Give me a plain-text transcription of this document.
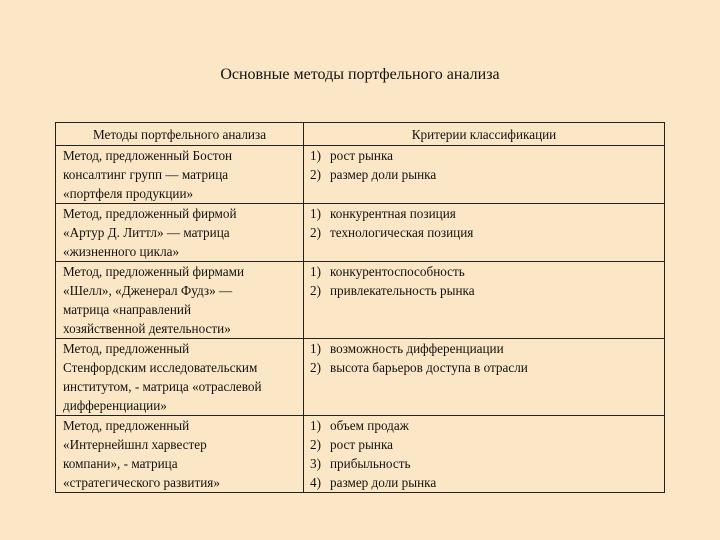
Основные методы портфельного анализа
Методы портфельного анализа	Критерии классификации

Метод, предложенный Бостон
консалтинг групп — матрица
«портфеля продукции»	1) рост рынка
2) размер доли рынка

Метод, предложенный фирмой
«Артур Д. Литтл» — матрица
«жизненного цикла»	1) конкурентная позиция
2) технологическая позиция

Метод, предложенный фирмами
«Шелл», «Дженерал Фудз» —
матрица «направлений
хозяйственной деятельности»	1) конкурентоспособность
2) привлекательность рынка

Метод, предложенный
Стенфордским исследовательским
институтом, - матрица «отраслевой
дифференциации»	1) возможность дифференциации
2) высота барьеров доступа в отрасли

Метод, предложенный
«Интернейшнл харвестер
компани», - матрица
«стратегического развития»	1) объем продаж
2) рост рынка
3) прибыльность
4) размер доли рынка
